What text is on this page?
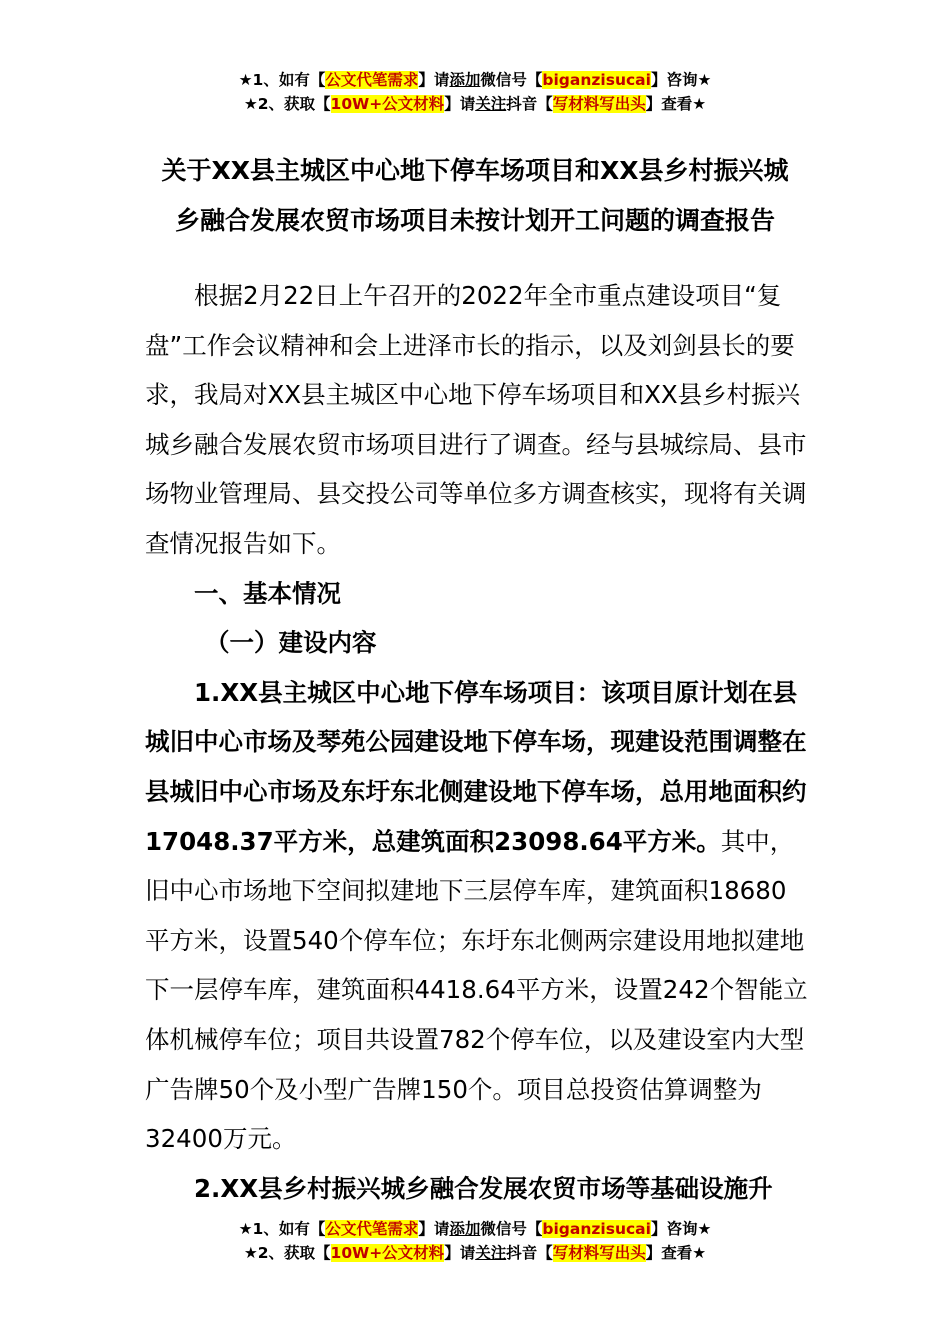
★1、如有【公文代笔需求】请添加微信号【biganzisucai】咨询★
★2、获取【10W+公文材料】请关注抖音【写材料写出头】查看★
关于XX县主城区中心地下停车场项目和XX县乡村振兴城
乡融合发展农贸市场项目未按计划开工问题的调查报告

根据2月22日上午召开的2022年全市重点建设项目“复盘”工作会议精神和会上进泽市长的指示，以及刘剑县长的要求，我局对XX县主城区中心地下停车场项目和XX县乡村振兴城乡融合发展农贸市场项目进行了调查。经与县城综局、县市场物业管理局、县交投公司等单位多方调查核实，现将有关调查情况报告如下。

一、基本情况

（一）建设内容

1.XX县主城区中心地下停车场项目：该项目原计划在县城旧中心市场及琴苑公园建设地下停车场，现建设范围调整在县城旧中心市场及东圩东北侧建设地下停车场，总用地面积约17048.37平方米，总建筑面积23098.64平方米。其中，旧中心市场地下空间拟建地下三层停车库，建筑面积18680平方米，设置540个停车位；东圩东北侧两宗建设用地拟建地下一层停车库，建筑面积4418.64平方米，设置242个智能立体机械停车位；项目共设置782个停车位，以及建设室内大型广告牌50个及小型广告牌150个。项目总投资估算调整为32400万元。

2.XX县乡村振兴城乡融合发展农贸市场等基础设施升

★1、如有【公文代笔需求】请添加微信号【biganzisucai】咨询★
★2、获取【10W+公文材料】请关注抖音【写材料写出头】查看★
